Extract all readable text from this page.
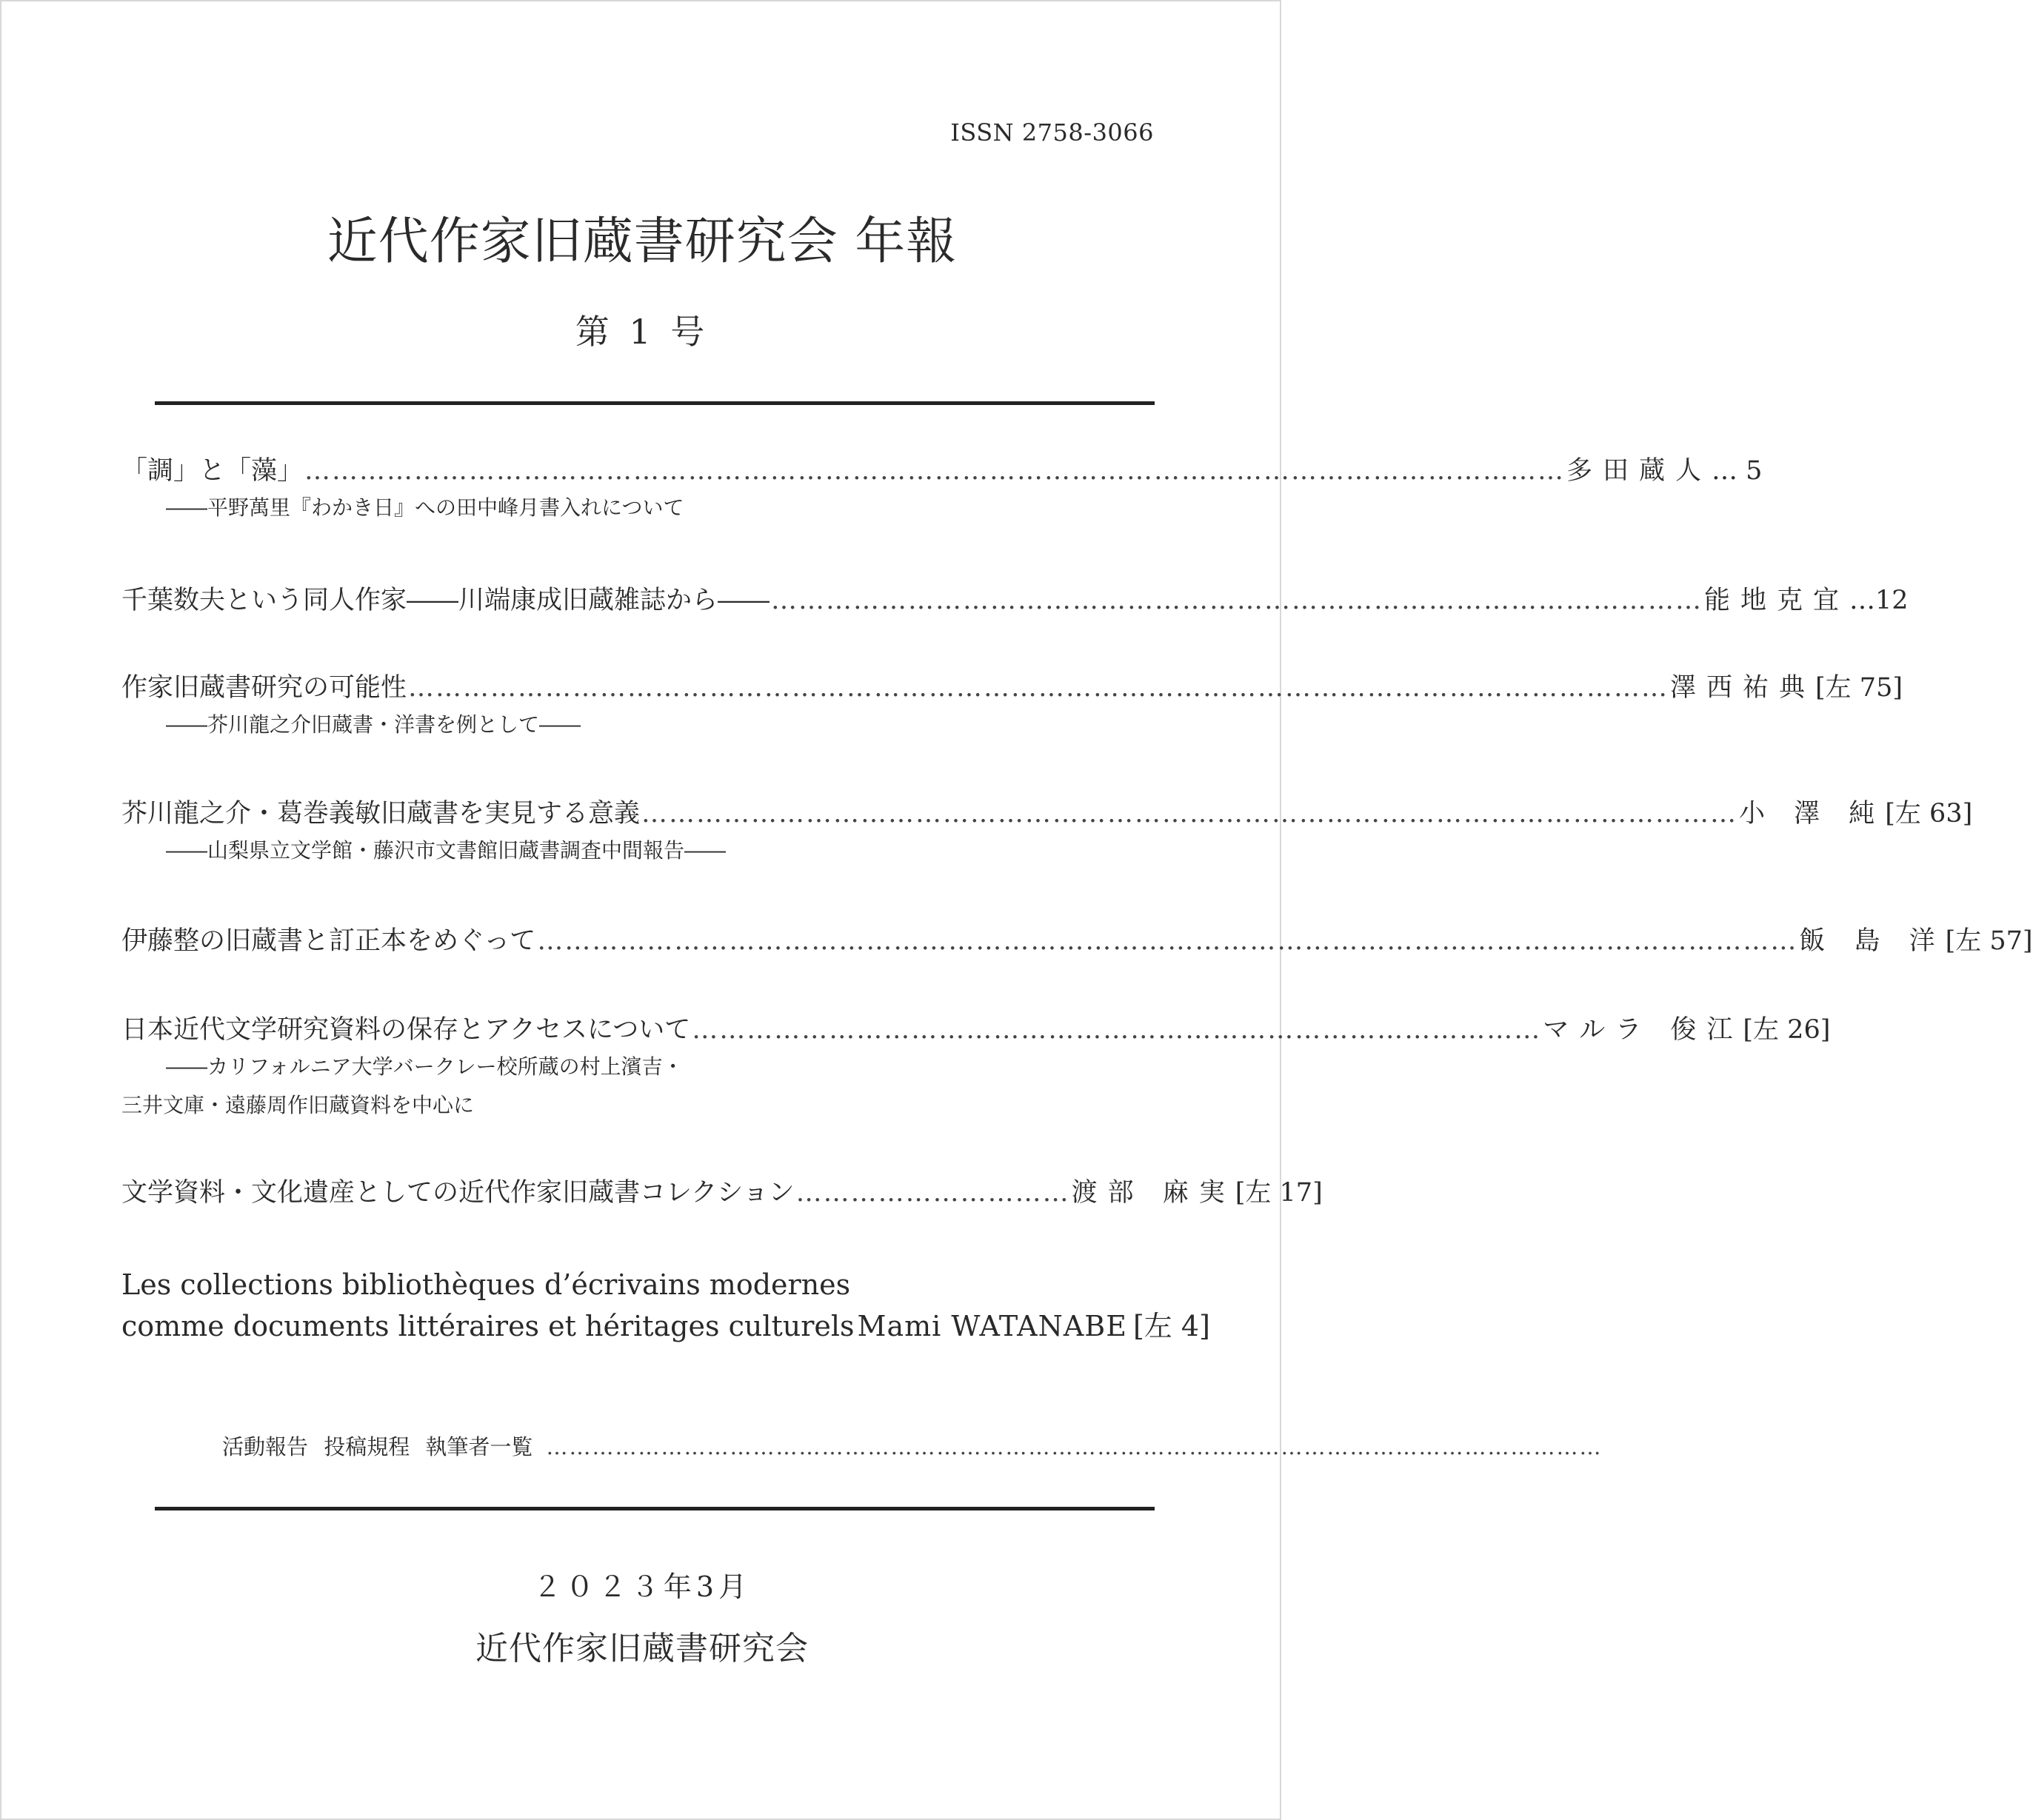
ISSN 2758-3066
近代作家旧蔵書研究会 年報
第 1 号
「調」と「藻」 ………………………………………………………………………………………………………………………… 多田蔵人 … 5
――平野萬里『わかき日』への田中峰月書入れについて
千葉数夫という同人作家――川端康成旧蔵雑誌から―― ………………………………………………………………………………………… 能地克宜 …12
作家旧蔵書研究の可能性 ………………………………………………………………………………………………………………………… 澤西祐典 [左 75]
――芥川龍之介旧蔵書・洋書を例として――
芥川龍之介・葛巻義敏旧蔵書を実見する意義 ………………………………………………………………………………………………………… 小 澤 純 [左 63]
――山梨県立文学館・藤沢市文書館旧蔵書調査中間報告――
伊藤整の旧蔵書と訂正本をめぐって ………………………………………………………………………………………………………………………… 飯 島 洋 [左 57]
日本近代文学研究資料の保存とアクセスについて ………………………………………………………………………………… マルラ 俊江 [左 26]
――カリフォルニア大学バークレー校所蔵の村上濱吉・
三井文庫・遠藤周作旧蔵資料を中心に
文学資料・文化遺産としての近代作家旧蔵書コレクション ………………………… 渡部 麻実 [左 17]
Les collections bibliothèques d’écrivains modernes
comme documents littéraires et héritages culturels Mami WATANABE [左 4]
活動報告 投稿規程 執筆者一覧 …………………………………………………………………………………………………………………………
２０２３年3月
近代作家旧蔵書研究会
